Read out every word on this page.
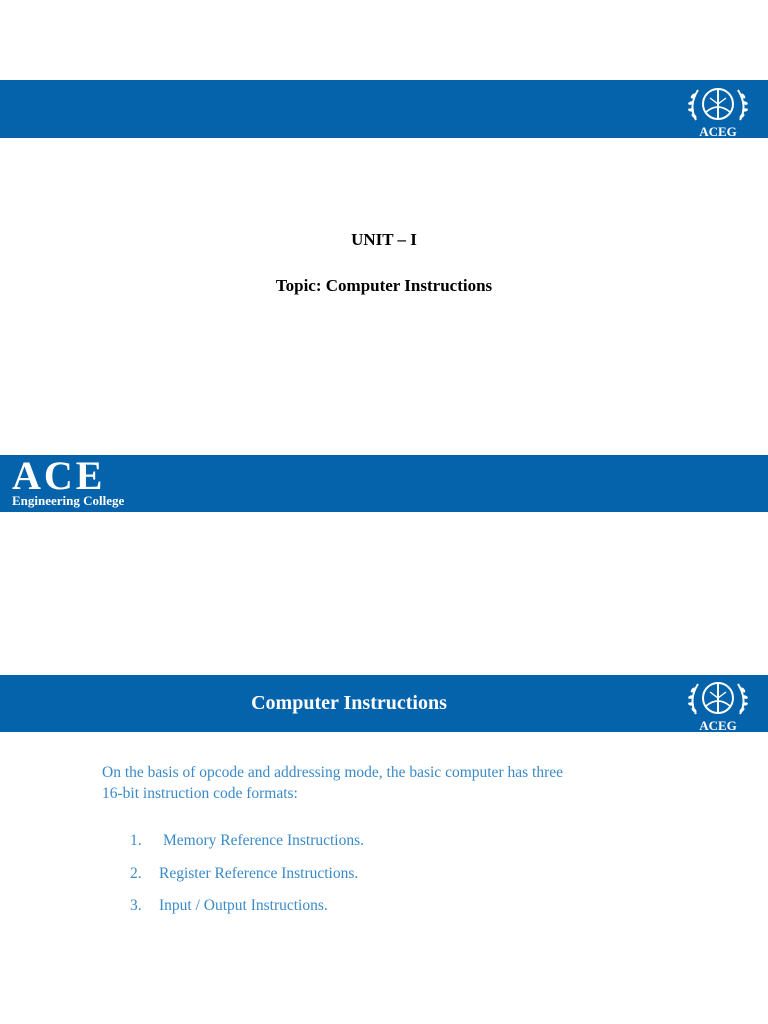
ACEG
UNIT – I
Topic: Computer Instructions
ACE
Engineering College
Computer Instructions
ACEG
On the basis of opcode and addressing mode, the basic computer has three
16-bit instruction code formats:
1. Memory Reference Instructions.
2. Register Reference Instructions.
3. Input / Output Instructions.
